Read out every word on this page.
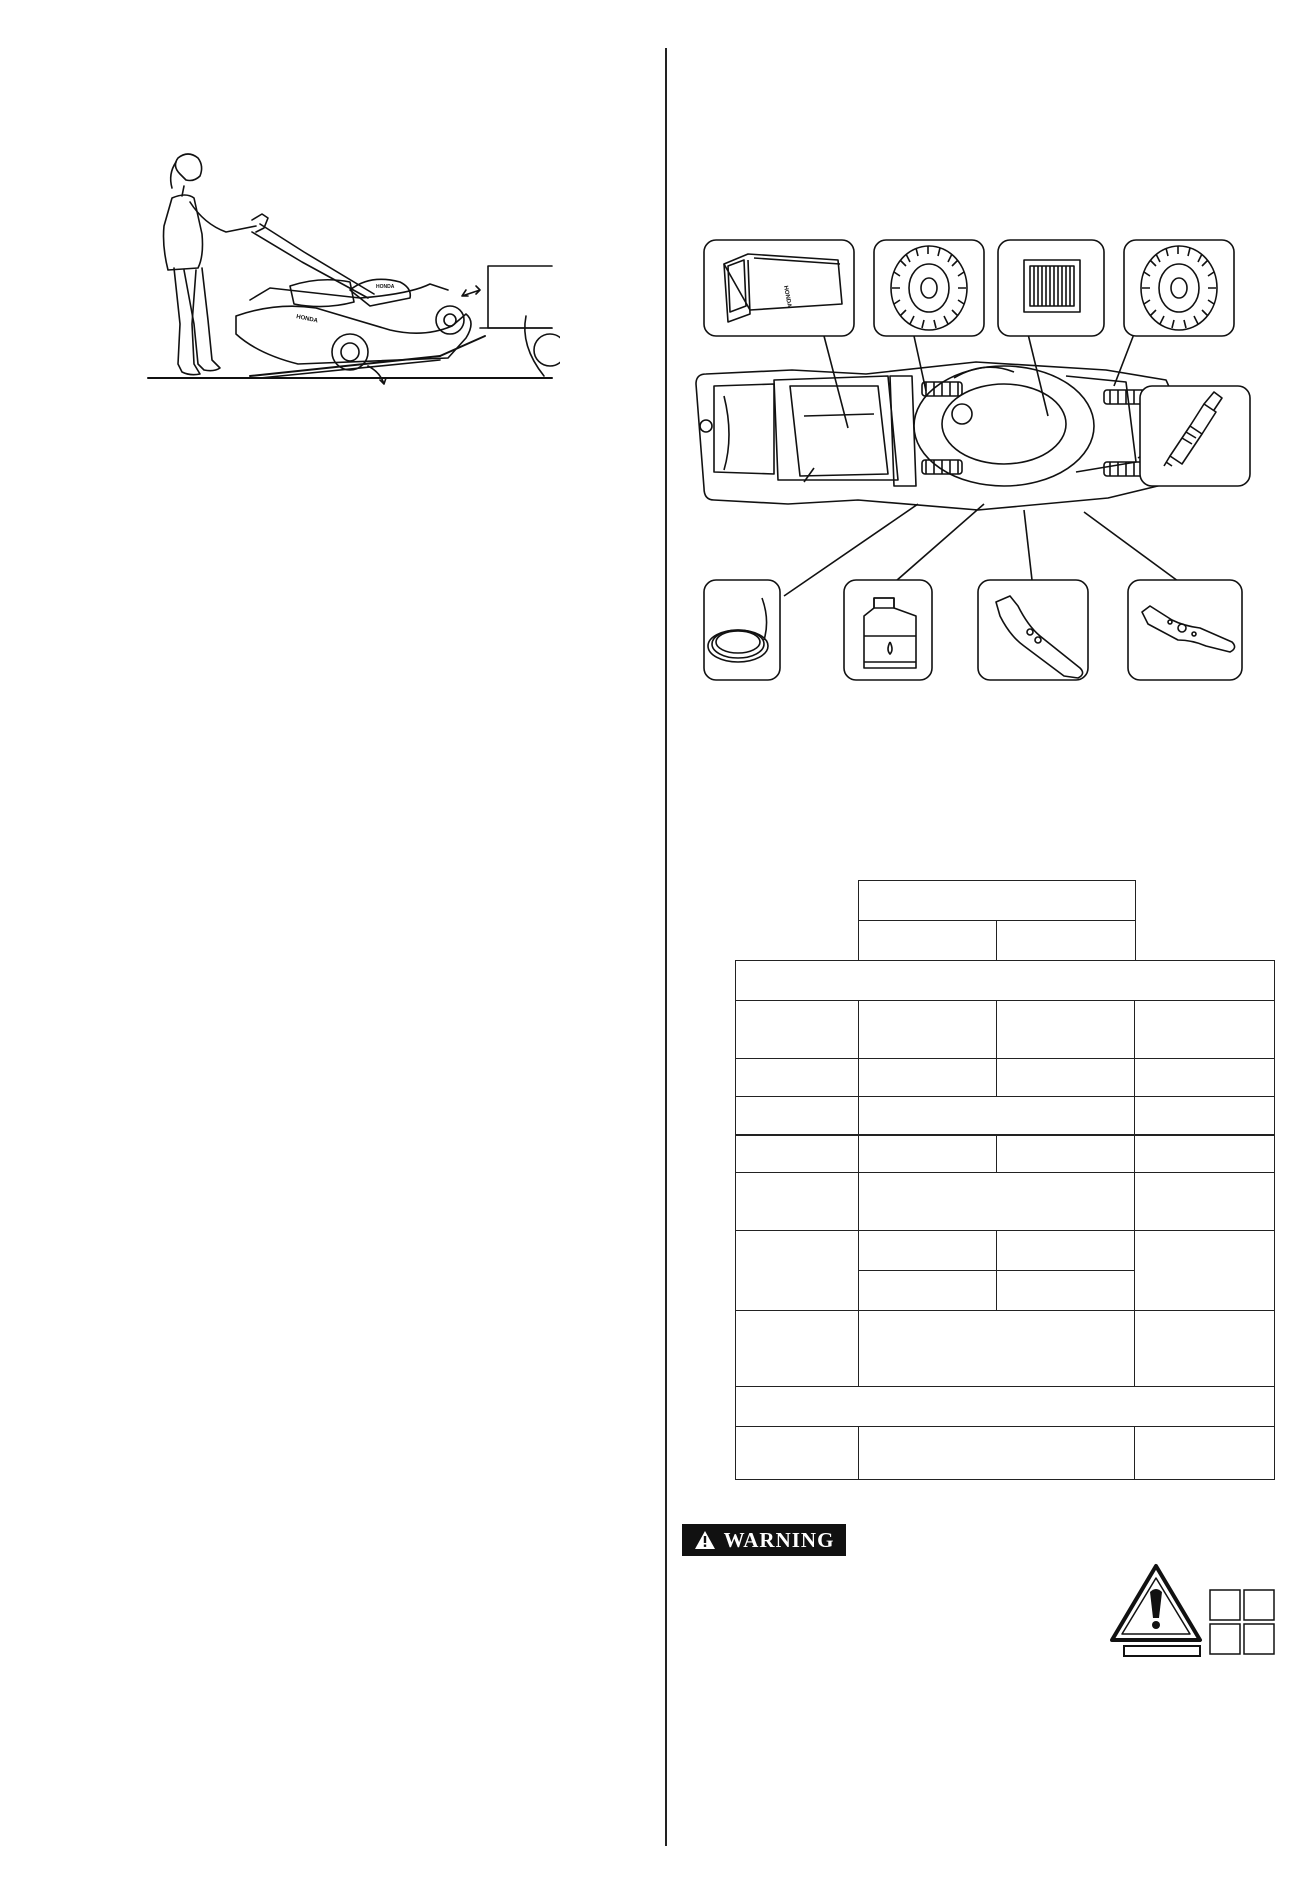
HONDA
HONDA	HONDA
WARNING
